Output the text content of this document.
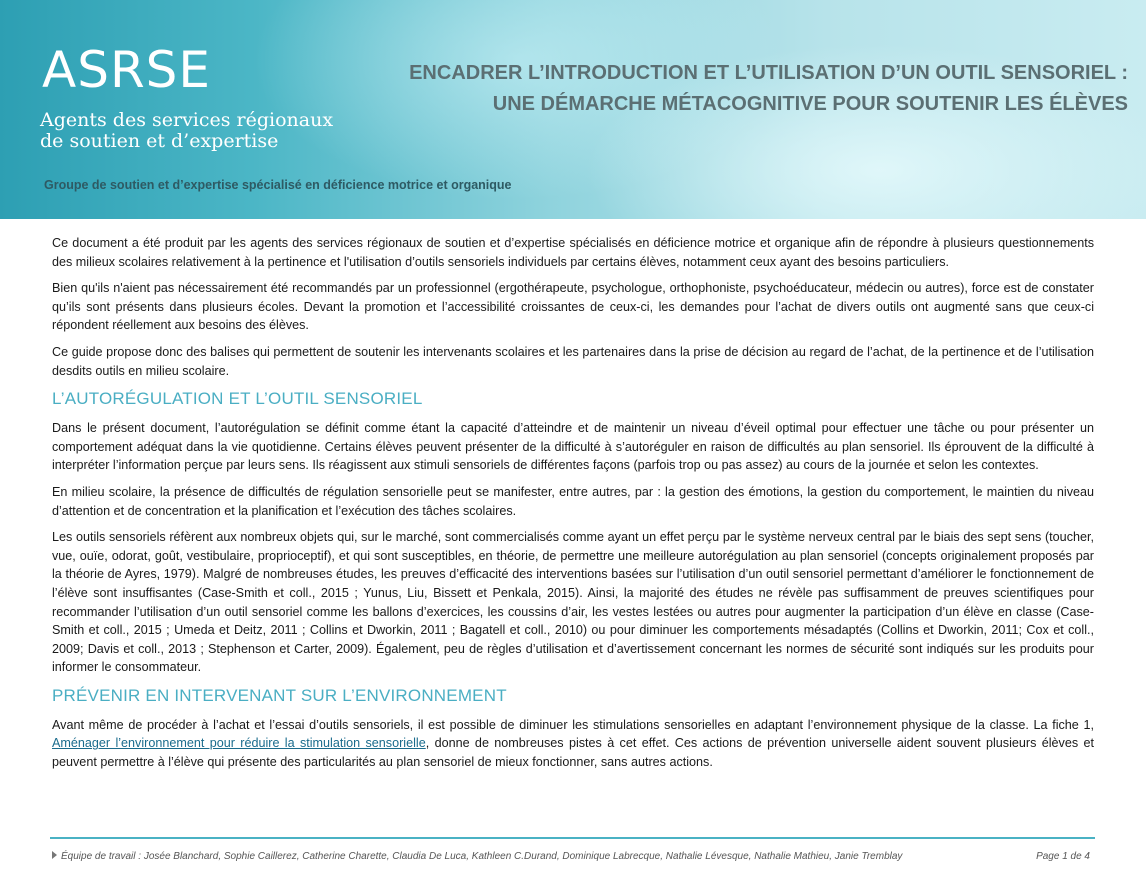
ASRSE

Agents des services régionaux de soutien et d’expertise

Groupe de soutien et d’expertise spécialisé en déficience motrice et organique

ENCADRER L’INTRODUCTION ET L’UTILISATION D’UN OUTIL SENSORIEL :
UNE DÉMARCHE MÉTACOGNITIVE POUR SOUTENIR LES ÉLÈVES

Ce document a été produit par les agents des services régionaux de soutien et d’expertise spécialisés en déficience motrice et organique afin de répondre à plusieurs questionnements des milieux scolaires relativement à la pertinence et l'utilisation d’outils sensoriels individuels par certains élèves, notamment ceux ayant des besoins particuliers.

Bien qu'ils n'aient pas nécessairement été recommandés par un professionnel (ergothérapeute, psychologue, orthophoniste, psychoéducateur, médecin ou autres), force est de constater qu’ils sont présents dans plusieurs écoles. Devant la promotion et l’accessibilité croissantes de ceux-ci, les demandes pour l’achat de divers outils ont augmenté sans que ceux-ci répondent réellement aux besoins des élèves.

Ce guide propose donc des balises qui permettent de soutenir les intervenants scolaires et les partenaires dans la prise de décision au regard de l’achat, de la pertinence et de l’utilisation desdits outils en milieu scolaire.

L’AUTORÉGULATION ET L’OUTIL SENSORIEL

Dans le présent document, l’autorégulation se définit comme étant la capacité d’atteindre et de maintenir un niveau d’éveil optimal pour effectuer une tâche ou pour présenter un comportement adéquat dans la vie quotidienne. Certains élèves peuvent présenter de la difficulté à s’autoréguler en raison de difficultés au plan sensoriel. Ils éprouvent de la difficulté à interpréter l’information perçue par leurs sens. Ils réagissent aux stimuli sensoriels de différentes façons (parfois trop ou pas assez) au cours de la journée et selon les contextes.

En milieu scolaire, la présence de difficultés de régulation sensorielle peut se manifester, entre autres, par : la gestion des émotions, la gestion du comportement, le maintien du niveau d’attention et de concentration et la planification et l’exécution des tâches scolaires.

Les outils sensoriels réfèrent aux nombreux objets qui, sur le marché, sont commercialisés comme ayant un effet perçu par le système nerveux central par le biais des sept sens (toucher, vue, ouïe, odorat, goût, vestibulaire, proprioceptif), et qui sont susceptibles, en théorie, de permettre une meilleure autorégulation au plan sensoriel (concepts originalement proposés par la théorie de Ayres, 1979). Malgré de nombreuses études, les preuves d’efficacité des interventions basées sur l’utilisation d’un outil sensoriel permettant d’améliorer le fonctionnement de l’élève sont insuffisantes (Case-Smith et coll., 2015 ; Yunus, Liu, Bissett et Penkala, 2015). Ainsi, la majorité des études ne révèle pas suffisamment de preuves scientifiques pour recommander l’utilisation d’un outil sensoriel comme les ballons d’exercices, les coussins d’air, les vestes lestées ou autres pour augmenter la participation d’un élève en classe (Case-Smith et coll., 2015 ; Umeda et Deitz, 2011 ; Collins et Dworkin, 2011 ; Bagatell et coll., 2010) ou pour diminuer les comportements mésadaptés (Collins et Dworkin, 2011; Cox et coll., 2009; Davis et coll., 2013 ; Stephenson et Carter, 2009). Également, peu de règles d’utilisation et d’avertissement concernant les normes de sécurité sont indiqués sur les produits pour informer le consommateur.

PRÉVENIR EN INTERVENANT SUR L’ENVIRONNEMENT

Avant même de procéder à l’achat et l’essai d’outils sensoriels, il est possible de diminuer les stimulations sensorielles en adaptant l’environnement physique de la classe. La fiche 1, Aménager l’environnement pour réduire la stimulation sensorielle, donne de nombreuses pistes à cet effet. Ces actions de prévention universelle aident souvent plusieurs élèves et peuvent permettre à l’élève qui présente des particularités au plan sensoriel de mieux fonctionner, sans autres actions.

Équipe de travail : Josée Blanchard, Sophie Caillerez, Catherine Charette, Claudia De Luca, Kathleen C.Durand, Dominique Labrecque, Nathalie Lévesque, Nathalie Mathieu, Janie Tremblay	Page 1 de 4
